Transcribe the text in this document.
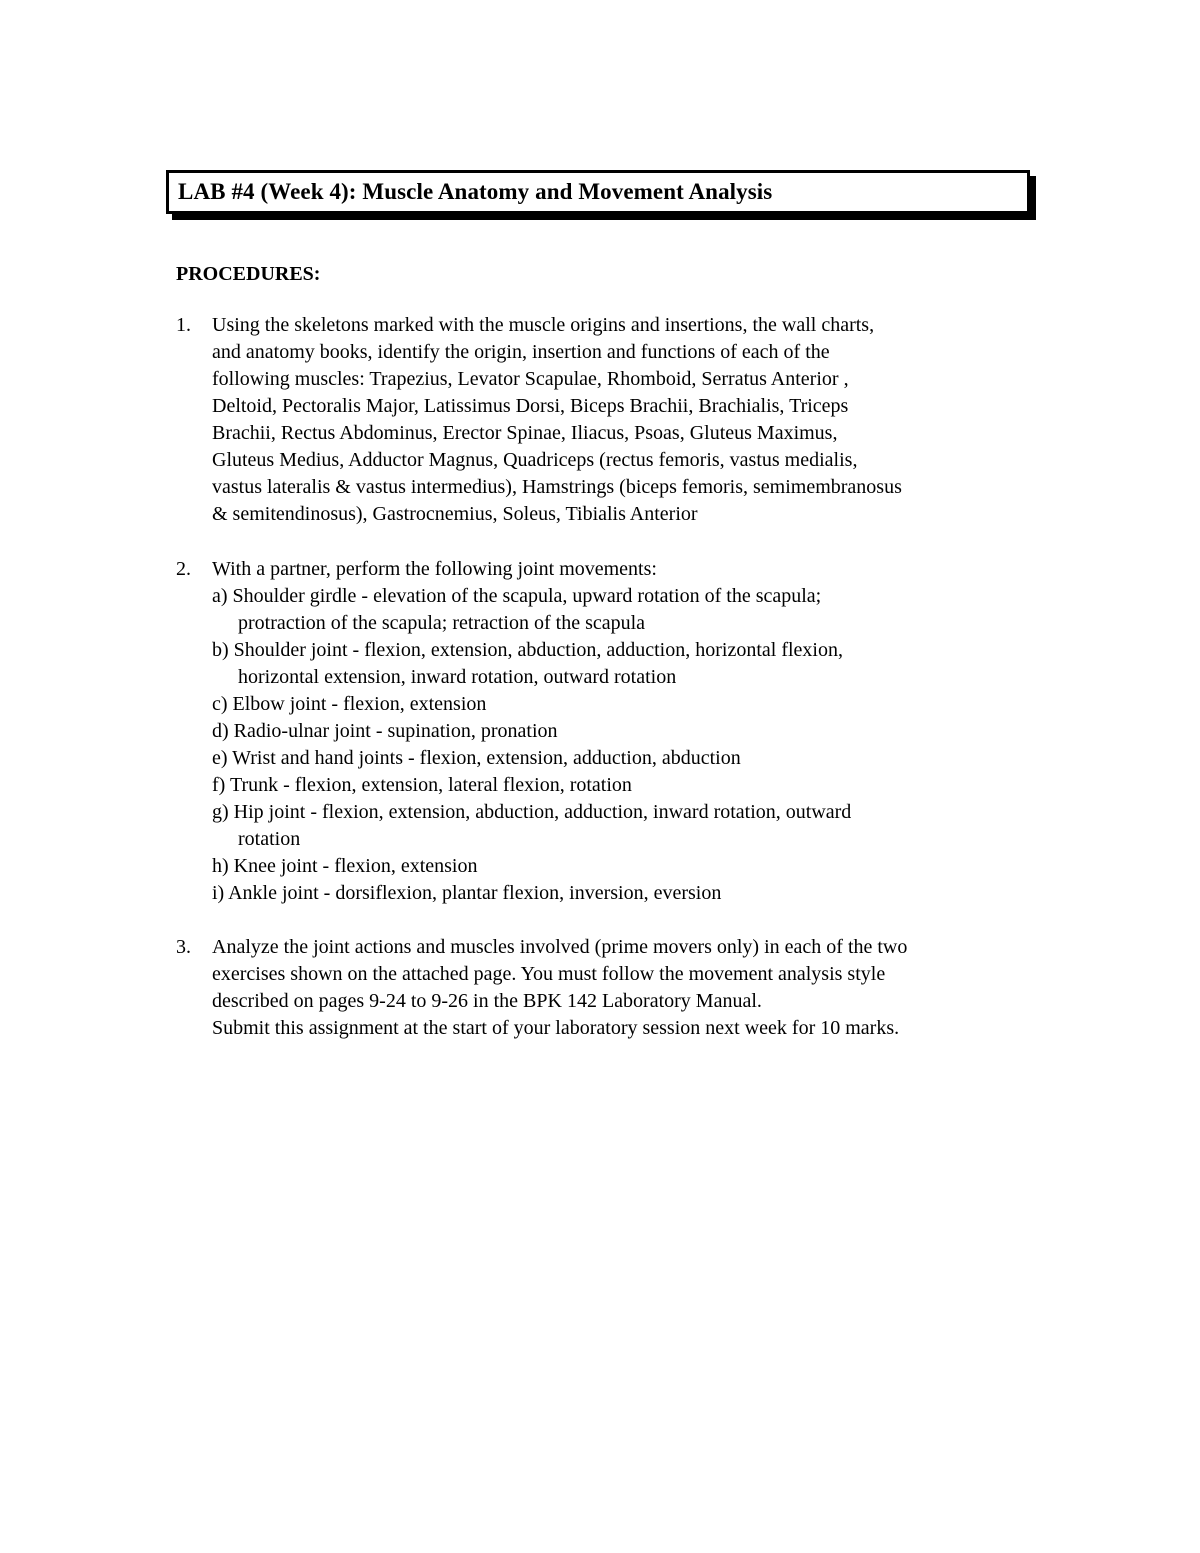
LAB #4 (Week 4): Muscle Anatomy and Movement Analysis
PROCEDURES:
1.	Using the skeletons marked with the muscle origins and insertions, the wall charts,
and anatomy books, identify the origin, insertion and functions of each of the
following muscles: Trapezius, Levator Scapulae, Rhomboid, Serratus Anterior ,
Deltoid, Pectoralis Major, Latissimus Dorsi, Biceps Brachii, Brachialis, Triceps
Brachii, Rectus Abdominus, Erector Spinae, Iliacus, Psoas, Gluteus Maximus,
Gluteus Medius, Adductor Magnus, Quadriceps (rectus femoris, vastus medialis,
vastus lateralis & vastus intermedius), Hamstrings (biceps femoris, semimembranosus
& semitendinosus), Gastrocnemius, Soleus, Tibialis Anterior
2.	With a partner, perform the following joint movements:
a) Shoulder girdle - elevation of the scapula, upward rotation of the scapula;
protraction of the scapula; retraction of the scapula
b) Shoulder joint - flexion, extension, abduction, adduction, horizontal flexion,
horizontal extension, inward rotation, outward rotation
c) Elbow joint - flexion, extension
d) Radio-ulnar joint - supination, pronation
e) Wrist and hand joints - flexion, extension, adduction, abduction
f) Trunk - flexion, extension, lateral flexion, rotation
g) Hip joint - flexion, extension, abduction, adduction, inward rotation, outward
rotation
h) Knee joint - flexion, extension
i) Ankle joint - dorsiflexion, plantar flexion, inversion, eversion
3.	Analyze the joint actions and muscles involved (prime movers only) in each of the two
exercises shown on the attached page. You must follow the movement analysis style
described on pages 9-24 to 9-26 in the BPK 142 Laboratory Manual.
Submit this assignment at the start of your laboratory session next week for 10 marks.
